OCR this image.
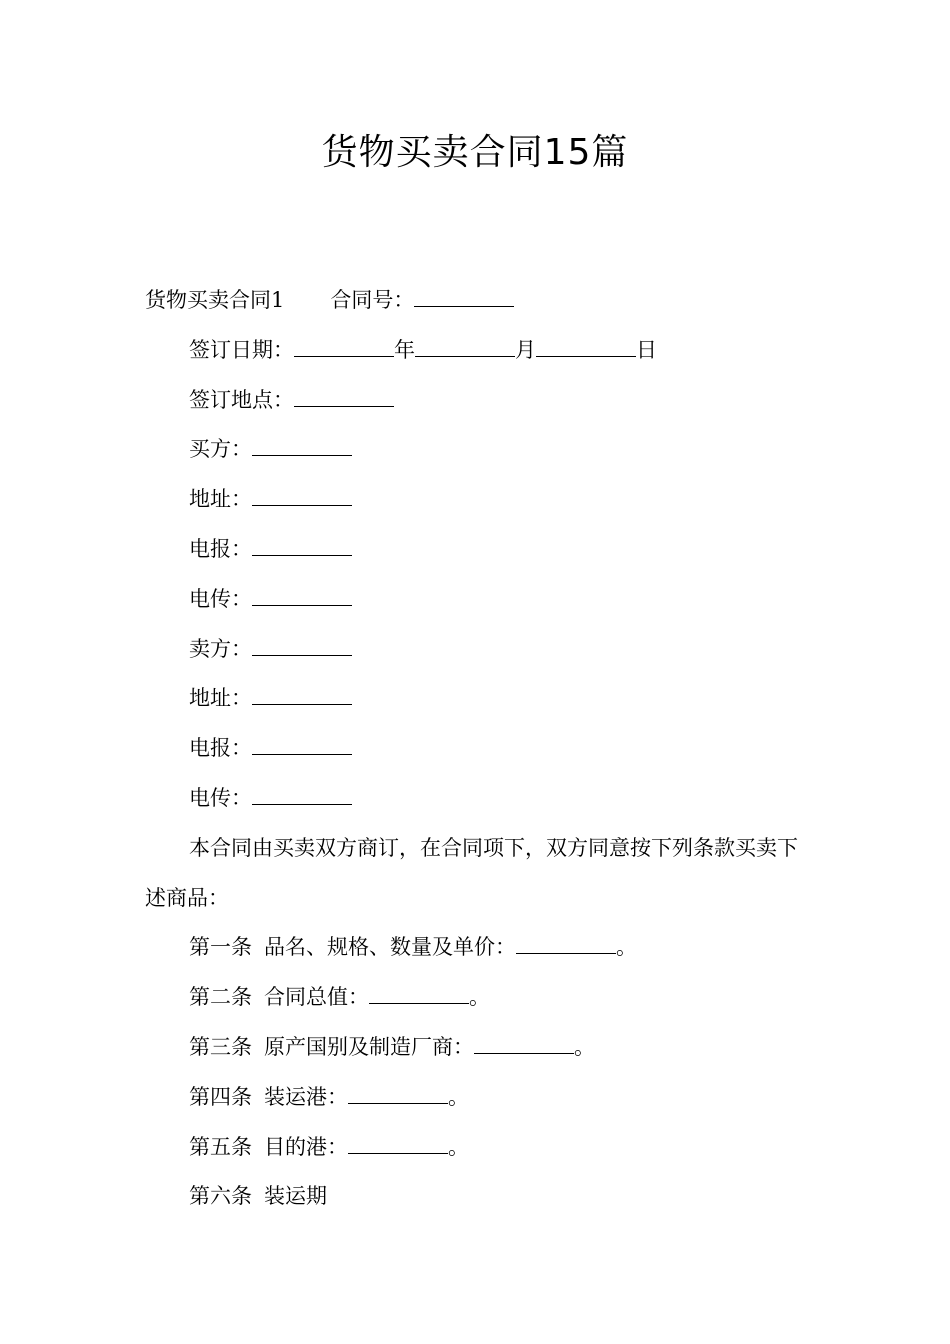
货物买卖合同15篇
货物买卖合同1 合同号：
签订日期：	年	月	日
签订地点：
买方：
地址：
电报：
电传：
卖方：
地址：
电报：
电传：
本合同由买卖双方商订，在合同项下，双方同意按下列条款买卖下述商品：
第一条 品名、规格、数量及单价：	。
第二条 合同总值：	。
第三条 原产国别及制造厂商：	。
第四条 装运港：	。
第五条 目的港：	。
第六条 装运期
